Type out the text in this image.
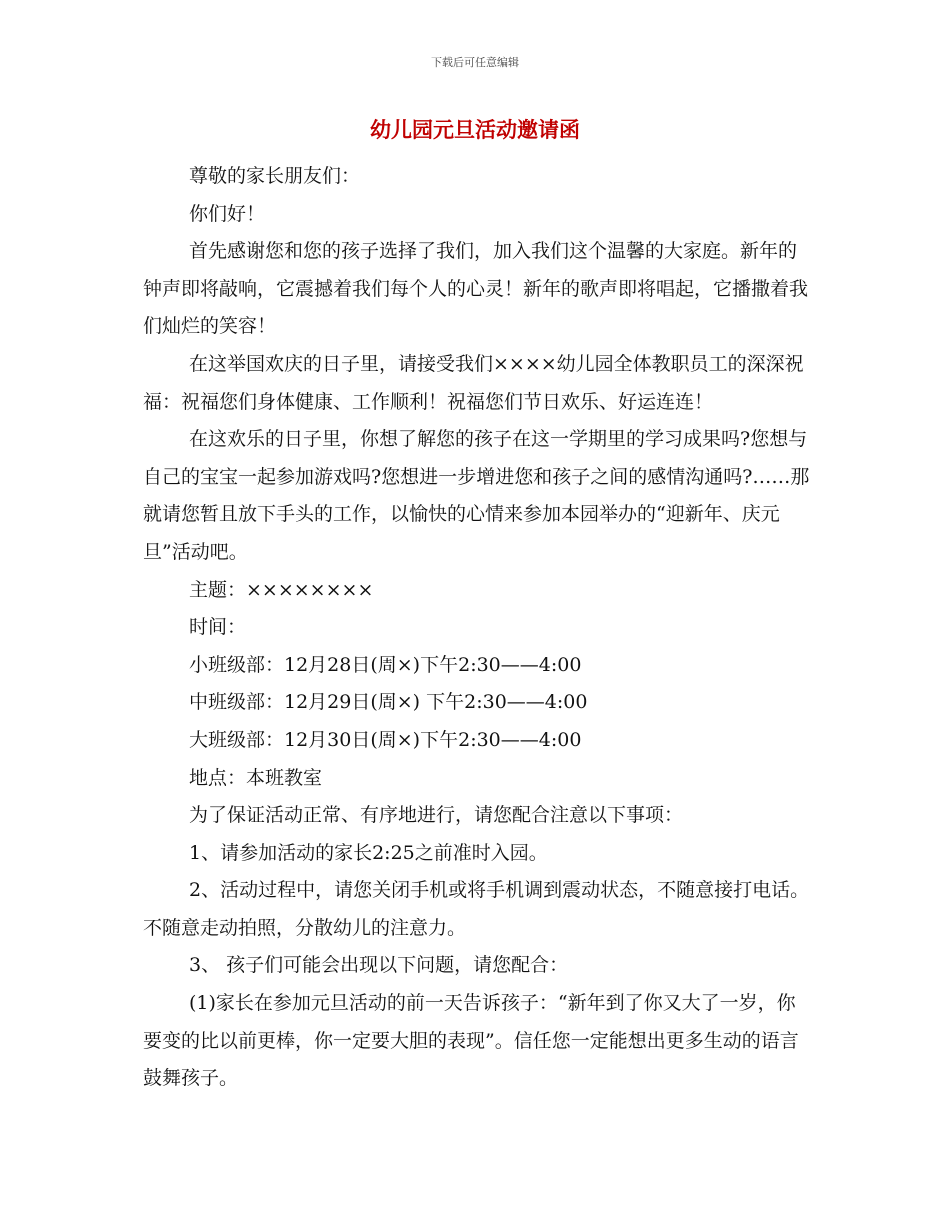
下载后可任意编辑
幼儿园元旦活动邀请函

尊敬的家长朋友们：

你们好！

首先感谢您和您的孩子选择了我们，加入我们这个温馨的大家庭。新年的钟声即将敲响，它震撼着我们每个人的心灵！新年的歌声即将唱起，它播撒着我们灿烂的笑容！

在这举国欢庆的日子里，请接受我们××××幼儿园全体教职员工的深深祝福：祝福您们身体健康、工作顺利！祝福您们节日欢乐、好运连连！

在这欢乐的日子里，你想了解您的孩子在这一学期里的学习成果吗?您想与自己的宝宝一起参加游戏吗?您想进一步增进您和孩子之间的感情沟通吗?……那就请您暂且放下手头的工作，以愉快的心情来参加本园举办的“迎新年、庆元旦”活动吧。

主题：××××××××

时间：

小班级部：12月28日(周×)下午2:30——4:00

中班级部：12月29日(周×) 下午2:30——4:00

大班级部：12月30日(周×)下午2:30——4:00

地点：本班教室

为了保证活动正常、有序地进行，请您配合注意以下事项：

1、请参加活动的家长2:25之前准时入园。

2、活动过程中，请您关闭手机或将手机调到震动状态，不随意接打电话。不随意走动拍照，分散幼儿的注意力。

3、 孩子们可能会出现以下问题，请您配合：

(1)家长在参加元旦活动的前一天告诉孩子：“新年到了你又大了一岁，你要变的比以前更棒，你一定要大胆的表现”。信任您一定能想出更多生动的语言鼓舞孩子。
